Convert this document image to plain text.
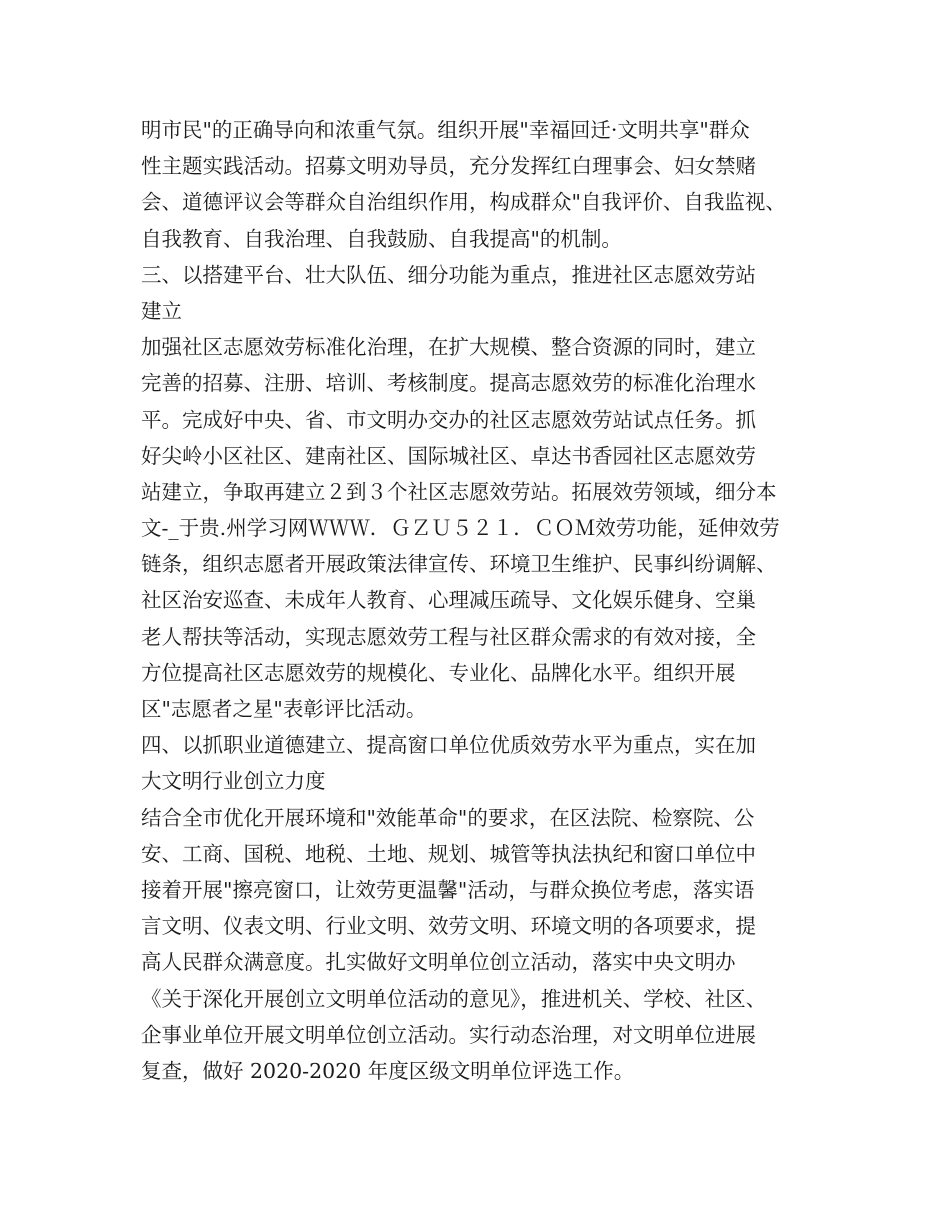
明市民"的正确导向和浓重气氛。组织开展"幸福回迁·文明共享"群众
性主题实践活动。招募文明劝导员，充分发挥红白理事会、妇女禁赌
会、道德评议会等群众自治组织作用，构成群众"自我评价、自我监视、
自我教育、自我治理、自我鼓励、自我提高"的机制。
三、以搭建平台、壮大队伍、细分功能为重点，推进社区志愿效劳站
建立
加强社区志愿效劳标准化治理，在扩大规模、整合资源的同时，建立
完善的招募、注册、培训、考核制度。提高志愿效劳的标准化治理水
平。完成好中央、省、市文明办交办的社区志愿效劳站试点任务。抓
好尖岭小区社区、建南社区、国际城社区、卓达书香园社区志愿效劳
站建立，争取再建立２到３个社区志愿效劳站。拓展效劳领域，细分本
文-_于贵.州学习网ＷＷＷ．ＧＺＵ５２１．ＣＯＭ效劳功能，延伸效劳
链条，组织志愿者开展政策法律宣传、环境卫生维护、民事纠纷调解、
社区治安巡查、未成年人教育、心理减压疏导、文化娱乐健身、空巢
老人帮扶等活动，实现志愿效劳工程与社区群众需求的有效对接，全
方位提高社区志愿效劳的规模化、专业化、品牌化水平。组织开展
区"志愿者之星"表彰评比活动。
四、以抓职业道德建立、提高窗口单位优质效劳水平为重点，实在加
大文明行业创立力度
结合全市优化开展环境和"效能革命"的要求，在区法院、检察院、公
安、工商、国税、地税、土地、规划、城管等执法执纪和窗口单位中
接着开展"擦亮窗口，让效劳更温馨"活动，与群众换位考虑，落实语
言文明、仪表文明、行业文明、效劳文明、环境文明的各项要求，提
高人民群众满意度。扎实做好文明单位创立活动，落实中央文明办
《关于深化开展创立文明单位活动的意见》，推进机关、学校、社区、
企事业单位开展文明单位创立活动。实行动态治理，对文明单位进展
复查，做好 2020-2020 年度区级文明单位评选工作。
